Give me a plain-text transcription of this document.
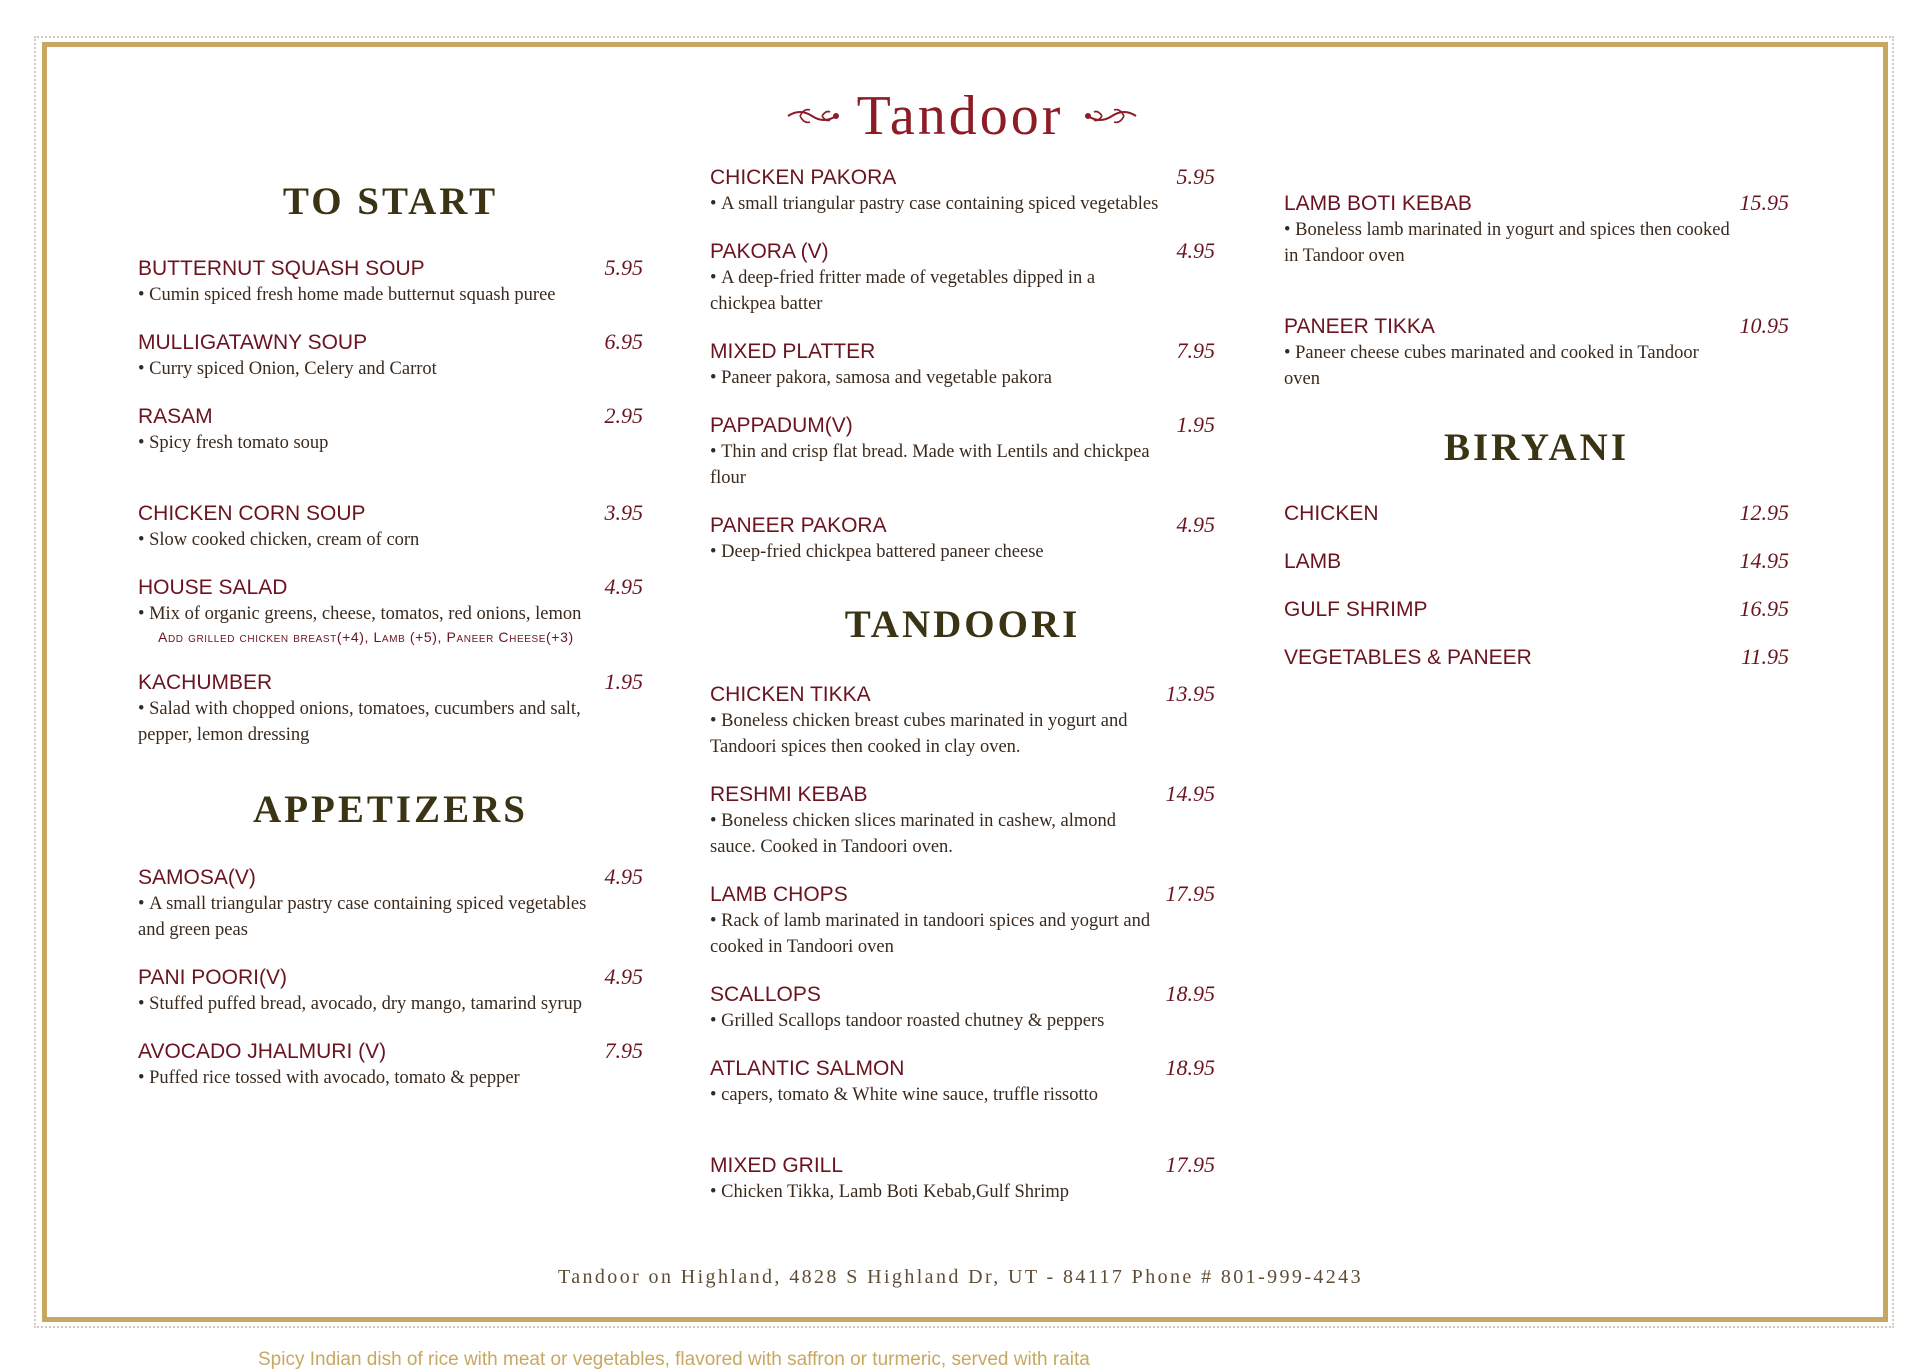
Tandoor
TO START
BUTTERNUT SQUASH SOUP	5.95
• Cumin spiced fresh home made butternut squash puree
MULLIGATAWNY SOUP	6.95
• Curry spiced Onion, Celery and Carrot
RASAM	2.95
• Spicy fresh tomato soup
CHICKEN CORN SOUP	3.95
• Slow cooked chicken, cream of corn
HOUSE SALAD	4.95
• Mix of organic greens, cheese, tomatos, red onions, lemon
Add grilled chicken breast(+4), Lamb (+5), Paneer Cheese(+3)
KACHUMBER	1.95
• Salad with chopped onions, tomatoes, cucumbers and salt, pepper, lemon dressing
APPETIZERS
SAMOSA(V)	4.95
• A small triangular pastry case containing spiced vegetables and green peas
PANI POORI(V)	4.95
• Stuffed puffed bread, avocado, dry mango, tamarind syrup
AVOCADO JHALMURI (V)	7.95
• Puffed rice tossed with avocado, tomato & pepper
CHICKEN PAKORA	5.95
• A small triangular pastry case containing spiced vegetables
PAKORA (V)	4.95
• A deep-fried fritter made of vegetables dipped in a chickpea batter
MIXED PLATTER	7.95
• Paneer pakora, samosa and vegetable pakora
PAPPADUM(V)	1.95
• Thin and crisp flat bread. Made with Lentils and chickpea flour
PANEER PAKORA	4.95
• Deep-fried chickpea battered paneer cheese
TANDOORI
CHICKEN TIKKA	13.95
• Boneless chicken breast cubes marinated in yogurt and Tandoori spices then cooked in clay oven.
RESHMI KEBAB	14.95
• Boneless chicken slices marinated in cashew, almond sauce. Cooked in Tandoori oven.
LAMB CHOPS	17.95
• Rack of lamb marinated in tandoori spices and yogurt and cooked in Tandoori oven
SCALLOPS	18.95
• Grilled Scallops tandoor roasted chutney & peppers
ATLANTIC SALMON	18.95
• capers, tomato & White wine sauce, truffle rissotto
MIXED GRILL	17.95
• Chicken Tikka, Lamb Boti Kebab,Gulf Shrimp
LAMB BOTI KEBAB	15.95
• Boneless lamb marinated in yogurt and spices then cooked in Tandoor oven
PANEER TIKKA	10.95
• Paneer cheese cubes marinated and cooked in Tandoor oven
BIRYANI
CHICKEN	12.95
LAMB	14.95
GULF SHRIMP	16.95
VEGETABLES & PANEER	11.95
Tandoor on Highland, 4828 S Highland Dr, UT - 84117 Phone # 801-999-4243
Spicy Indian dish of rice with meat or vegetables, flavored with saffron or turmeric, served with raita
